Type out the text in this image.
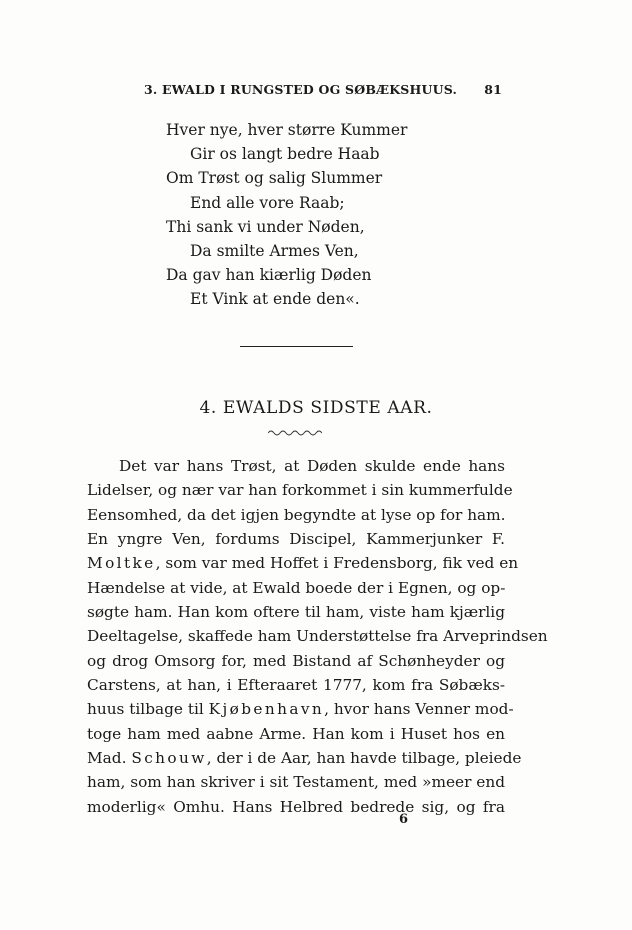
3. EWALD I RUNGSTED OG SØBÆKSHUUS. 81
Hver nye, hver større Kummer
Gir os langt bedre Haab
Om Trøst og salig Slummer
End alle vore Raab;
Thi sank vi under Nøden,
Da smilte Armes Ven,
Da gav han kiærlig Døden
Et Vink at ende den«.
4. EWALDS SIDSTE AAR.
Det var hans Trøst, at Døden skulde ende hans
Lidelser, og nær var han forkommet i sin kummerfulde
Eensomhed, da det igjen begyndte at lyse op for ham.
En yngre Ven, fordums Discipel, Kammerjunker F.
Moltke, som var med Hoffet i Fredensborg, fik ved en
Hændelse at vide, at Ewald boede der i Egnen, og op-
søgte ham. Han kom oftere til ham, viste ham kjærlig
Deeltagelse, skaffede ham Understøttelse fra Arveprindsen
og drog Omsorg for, med Bistand af Schønheyder og
Carstens, at han, i Efteraaret 1777, kom fra Søbæks-
huus tilbage til Kjøbenhavn, hvor hans Venner mod-
toge ham med aabne Arme. Han kom i Huset hos en
Mad. Schouw, der i de Aar, han havde tilbage, pleiede
ham, som han skriver i sit Testament, med »meer end
moderlig« Omhu. Hans Helbred bedrede sig, og fra
6
